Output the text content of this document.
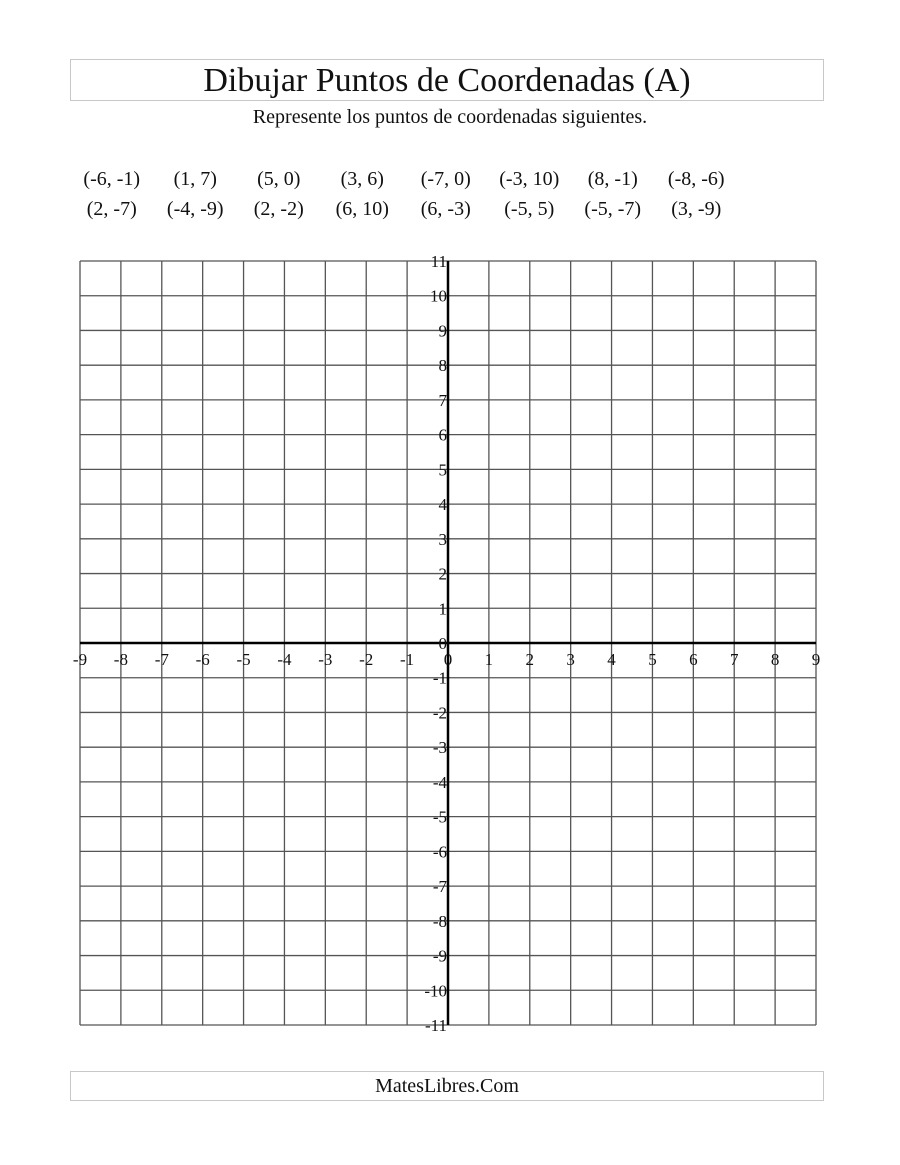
Dibujar Puntos de Coordenadas (A)
Represente los puntos de coordenadas siguientes.
(-6, -1)	(1, 7)	(5, 0)	(3, 6)	(-7, 0)	(-3, 10)	(8, -1)	(-8, -6)
(2, -7)	(-4, -9)	(2, -2)	(6, 10)	(6, -3)	(-5, 5)	(-5, -7)	(3, -9)
-9 -8 -7 -6 -5 -4 -3 -2 -1 0 1 2 3 4 5 6 7 8 9
11
10
9
8
7
6
5
4
3
2
1
0
-1
-2
-3
-4
-5
-6
-7
-8
-9
-10
-11
MatesLibres.Com
